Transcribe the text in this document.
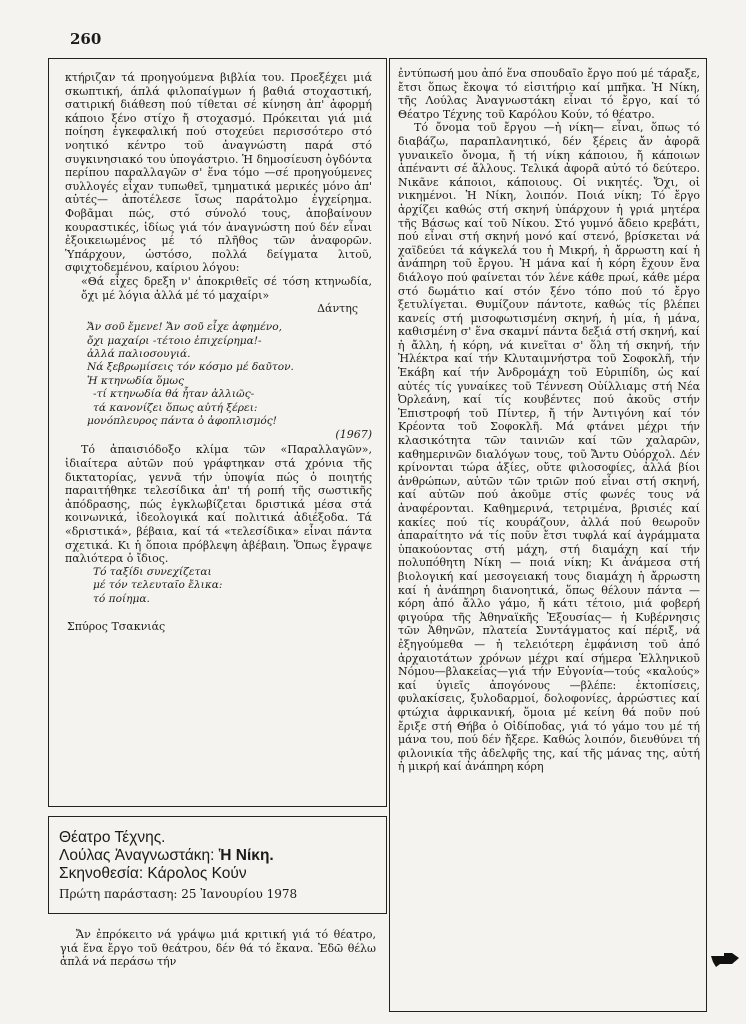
260

κτήριζαν τά προηγούμενα βιβλία του. Προεξέχει μιά σκωπτική, άπλά φιλοπαίγμων ή βαθιά στοχαστική, σατιρική διάθεση πού τίθεται σέ κίνηση ἀπ' ἀφορμή κάποιο ξένο στίχο ἤ στοχασμό. Πρόκειται γιά μιά ποίηση ἐγκεφαλική πού στοχεύει περισσότερο στό νοητικό κέντρο τοῦ ἀναγνώστη παρά στό συγκινησιακό του ὑπογάστριο. Ἡ δημοσίευση ὀγδόντα περίπου παραλλαγῶν σ' ἕνα τόμο —σέ προηγούμενες συλλογές εἶχαν τυπωθεῖ, τμηματικά μερικές μόνο ἀπ' αὐτές— ἀποτέλεσε ἴσως παράτολμο ἐγχείρημα. Φοβᾶμαι πώς, στό σύνολό τους, ἀποβαίνουν κουραστικές, ἰδίως γιά τόν ἀναγνώστη πού δέν εἶναι ἐξοικειωμένος μέ τό πλῆθος τῶν ἀναφορῶν. Ὑπάρχουν, ὡστόσο, πολλά δείγματα λιτοῦ, σφιχτοδεμένου, καίριου λόγου:

«Θά εἶχες δρεξη ν' ἀποκριθεῖς σέ τόση κτηνωδία, ὄχι μέ λόγια ἀλλά μέ τό μαχαίρι»

Δάντης
Ἄν σοῦ ἔμενε! Ἄν σοῦ εἶχε ἀφημένο,
ὄχι μαχαίρι -τέτοιο ἐπιχείρημα!-
ἀλλά παλιοσουγιά.
Νά ξεβρωμίσεις τόν κόσμο μέ δαῦτον.
Ἡ κτηνωδία ὅμως
-τί κτηνωδία θά ἦταν ἀλλιῶς-
τά κανονίζει ὅπως αὐτή ξέρει:
μονόπλευρος πάντα ὁ ἀφοπλισμός!
(1967)

Τό ἀπαισιόδοξο κλίμα τῶν «Παραλλαγῶν», ἰδιαίτερα αὐτῶν πού γράφτηκαν στά χρόνια τῆς δικτατορίας, γεννᾶ τήν ὑποψία πώς ὁ ποιητής παραιτήθηκε τελεσίδικα ἀπ' τή ροπή τῆς σωστικῆς ἀπόδρασης, πώς ἐγκλωβίζεται δριστικά μέσα στά κοινωνικά, ἰδεολογικά καί πολιτικά ἀδιέξοδα. Τά «δριστικά», βέβαια, καί τά «τελεσίδικα» εἶναι πάντα σχετικά. Κι ἡ ὅποια πρόβλεψη ἀβέβαιη. Ὅπως ἔγραψε παλιότερα ὁ ἴδιος.

Τό ταξίδι συνεχίζεται
μέ τόν τελευταῖο ἔλικα:
τό ποίημα.
Σπύρος Τσακνιάς
Θέατρο Τέχνης.
Λούλας Ἀναγνωστάκη: Ἡ Νίκη.
Σκηνοθεσία: Κάρολος Κούν
Πρώτη παράσταση: 25 Ἰανουρίου 1978

Ἄν ἐπρόκειτο νά γράψω μιά κριτική γιά τό θέατρο, γιά ἕνα ἔργο τοῦ θεάτρου, δέν θά τό ἔκανα. Ἐδῶ θέλω ἁπλά νά περάσω τήν

ἐντύπωσή μου ἀπό ἕνα σπουδαῖο ἔργο πού μέ τάραξε, ἔτσι ὅπως ἔκοψα τό εἰσιτήριο καί μπῆκα. Ἡ Νίκη, τῆς Λούλας Ἀναγνωστάκη εἶναι τό ἔργο, καί τό Θέατρο Τέχνης τοῦ Καρόλου Κούν, τό θέατρο.

Τό ὄνομα τοῦ ἔργου —ἡ νίκη— εἶναι, ὅπως τό διαβάζω, παραπλανητικό, δέν ξέρεις ἄν ἀφορᾶ γυναικεῖο ὄνομα, ἤ τή νίκη κάποιου, ἤ κάποιων ἀπέναντι σέ ἄλλους. Τελικά ἀφορᾶ αὐτό τό δεύτερο. Νικᾶνε κάποιοι, κάποιους. Οἱ νικητές. Ὄχι, οἱ νικημένοι. Ἡ Νίκη, λοιπόν. Ποιά νίκη; Τό ἔργο ἀρχίζει καθώς στή σκηνή ὑπάρχουν ἡ γριά μητέρα τῆς Βάσως καί τοῦ Νίκου. Στό γυμνό ἄδειο κρεβάτι, πού εἶναι στή σκηνή μονό καί στενό, βρίσκεται νά χαϊδεύει τά κάγκελά του ἡ Μικρή, ἡ ἄρρωστη καί ἡ ἀνάπηρη τοῦ ἔργου. Ἡ μάνα καί ἡ κόρη ἔχουν ἕνα διάλογο πού φαίνεται τόν λένε κάθε πρωί, κάθε μέρα στό δωμάτιο καί στόν ξένο τόπο πού τό ἔργο ξετυλίγεται. Θυμίζουν πάντοτε, καθώς τίς βλέπει κανείς στή μισοφωτισμένη σκηνή, ἡ μία, ἡ μάνα, καθισμένη σ' ἕνα σκαμνί πάντα δεξιά στή σκηνή, καί ἡ ἄλλη, ἡ κόρη, νά κινεῖται σ' ὅλη τή σκηνή, τήν Ἠλέκτρα καί τήν Κλυταιμνήστρα τοῦ Σοφοκλῆ, τήν Ἑκάβη καί τήν Ἀνδρομάχη τοῦ Εὐριπίδη, ὡς καί αὐτές τίς γυναίκες τοῦ Τέννεση Οὐίλλιαμς στή Νέα Ὀρλεάνη, καί τίς κουβέντες πού ἀκοῦς στήν Ἐπιστροφή τοῦ Πίντερ, ἤ τήν Ἀντιγόνη καί τόν Κρέοντα τοῦ Σοφοκλῆ. Μά φτάνει μέχρι τήν κλασικότητα τῶν ταινιῶν καί τῶν χαλαρῶν, καθημερινῶν διαλόγων τους, τοῦ Ἄντυ Οὐόρχολ. Δέν κρίνονται τώρα ἀξίες, οὔτε φιλοσοφίες, ἀλλά βίοι ἀνθρώπων, αὐτῶν τῶν τριῶν πού εἶναι στή σκηνή, καί αὐτῶν πού ἀκοῦμε στίς φωνές τους νά ἀναφέρονται. Καθημερινά, τετριμένα, βρισιές καί κακίες πού τίς κουράζουν, ἀλλά πού θεωροῦν ἀπαραίτητο νά τίς ποῦν ἔτσι τυφλά καί ἀγράμματα ὑπακούοντας στή μάχη, στή διαμάχη καί τήν πολυπόθητη Νίκη — ποιά νίκη; Κι ἀνάμεσα στή βιολογική καί μεσογειακή τους διαμάχη ἡ ἄρρωστη καί ἡ ἀνάπηρη διανοητικά, ὅπως θέλουν πάντα —κόρη ἀπό ἄλλο γάμο, ἤ κάτι τέτοιο, μιά φοβερή φιγούρα τῆς Ἀθηναϊκῆς Ἐξουσίας— ἡ Κυβέρνησις τῶν Ἀθηνῶν, πλατεία Συντάγματος καί πέριξ, νά ἐξηγούμεθα — ἡ τελειότερη ἐμφάνιση τοῦ ἀπό ἀρχαιοτάτων χρόνων μέχρι καί σήμερα Ἑλληνικοῦ Νόμου—βλακείας—γιά τήν Εὐγονία—τούς «καλούς» καί ὑγιεῖς ἀπογόνους —βλέπε: ἐκτοπίσεις, φυλακίσεις, ξυλοδαρμοί, δολοφονίες, ἀρρώστιες καί φτώχια ἀφρικανική, ὅμοια μέ κείνη θά ποῦν πού ἔριξε στή Θήβα ὁ Οἰδίποδας, γιά τό γάμο του μέ τή μάνα του, πού δέν ἤξερε. Καθώς λοιπόν, διευθύνει τή φιλονικία τῆς ἀδελφῆς της, καί τῆς μάνας της, αὐτή ἡ μικρή καί ἀνάπηρη κόρη
